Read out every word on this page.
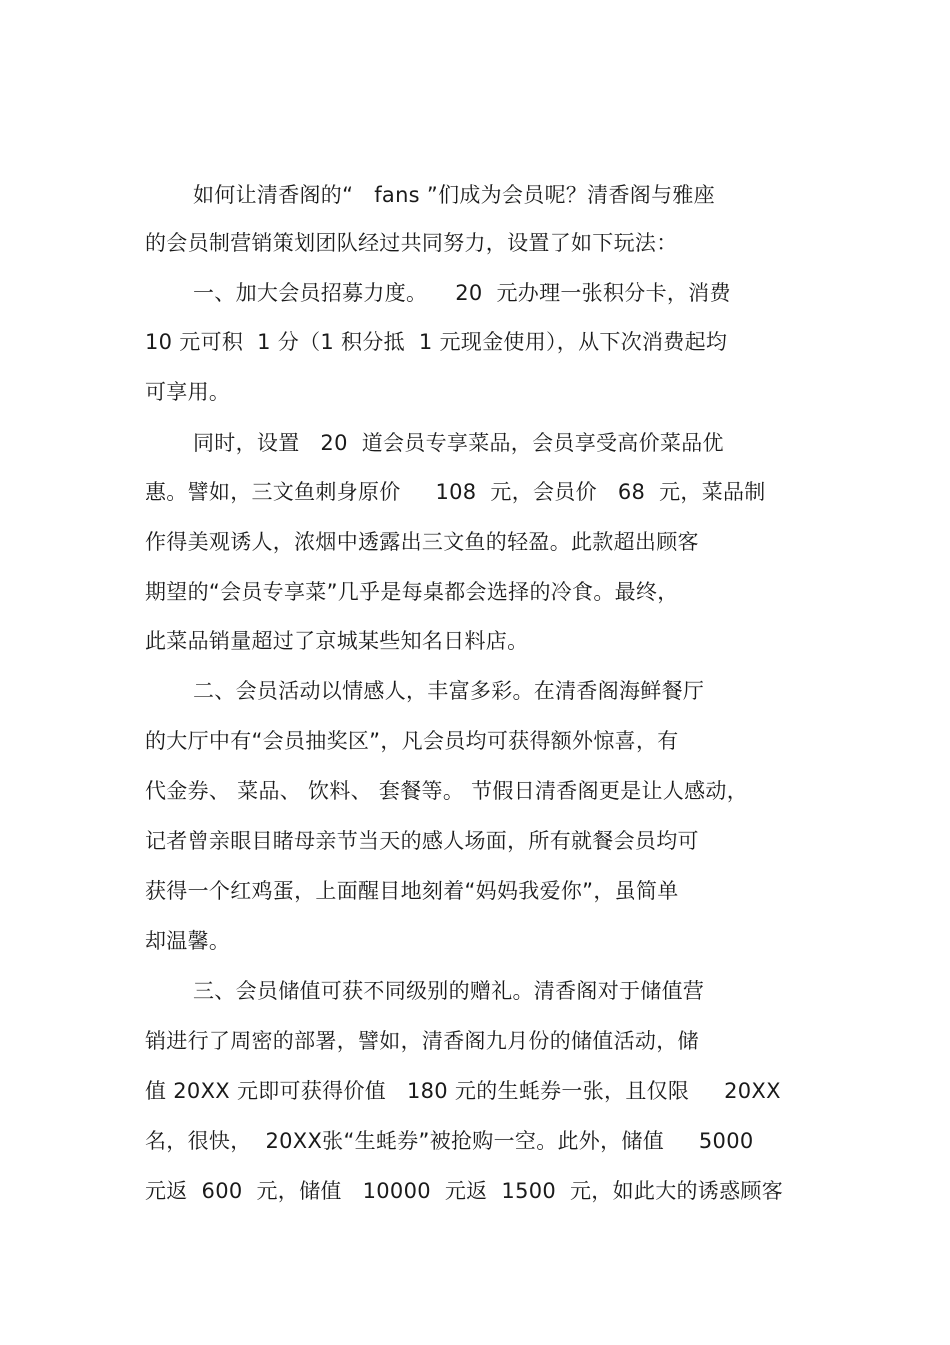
如何让清香阁的“   fans ”们成为会员呢？清香阁与雅座
的会员制营销策划团队经过共同努力，设置了如下玩法：
一、加大会员招募力度。    20  元办理一张积分卡，消费
10 元可积  1 分（1 积分抵  1 元现金使用），从下次消费起均
可享用。
同时，设置   20  道会员专享菜品，会员享受高价菜品优
惠。譬如，三文鱼刺身原价     108  元，会员价   68  元，菜品制
作得美观诱人，浓烟中透露出三文鱼的轻盈。此款超出顾客
期望的“会员专享菜”几乎是每桌都会选择的冷食。最终，
此菜品销量超过了京城某些知名日料店。
二、会员活动以情感人，丰富多彩。在清香阁海鲜餐厅
的大厅中有“会员抽奖区”，凡会员均可获得额外惊喜，有
代金券、 菜品、 饮料、 套餐等。 节假日清香阁更是让人感动，
记者曾亲眼目睹母亲节当天的感人场面，所有就餐会员均可
获得一个红鸡蛋，上面醒目地刻着“妈妈我爱你”，虽简单
却温馨。
三、会员储值可获不同级别的赠礼。清香阁对于储值营
销进行了周密的部署，譬如，清香阁九月份的储值活动，储
值 20XX 元即可获得价值   180 元的生蚝券一张，且仅限     20XX
名，很快，  20XX张“生蚝券”被抢购一空。此外，储值     5000
元返  600  元，储值   10000  元返  1500  元，如此大的诱惑顾客
